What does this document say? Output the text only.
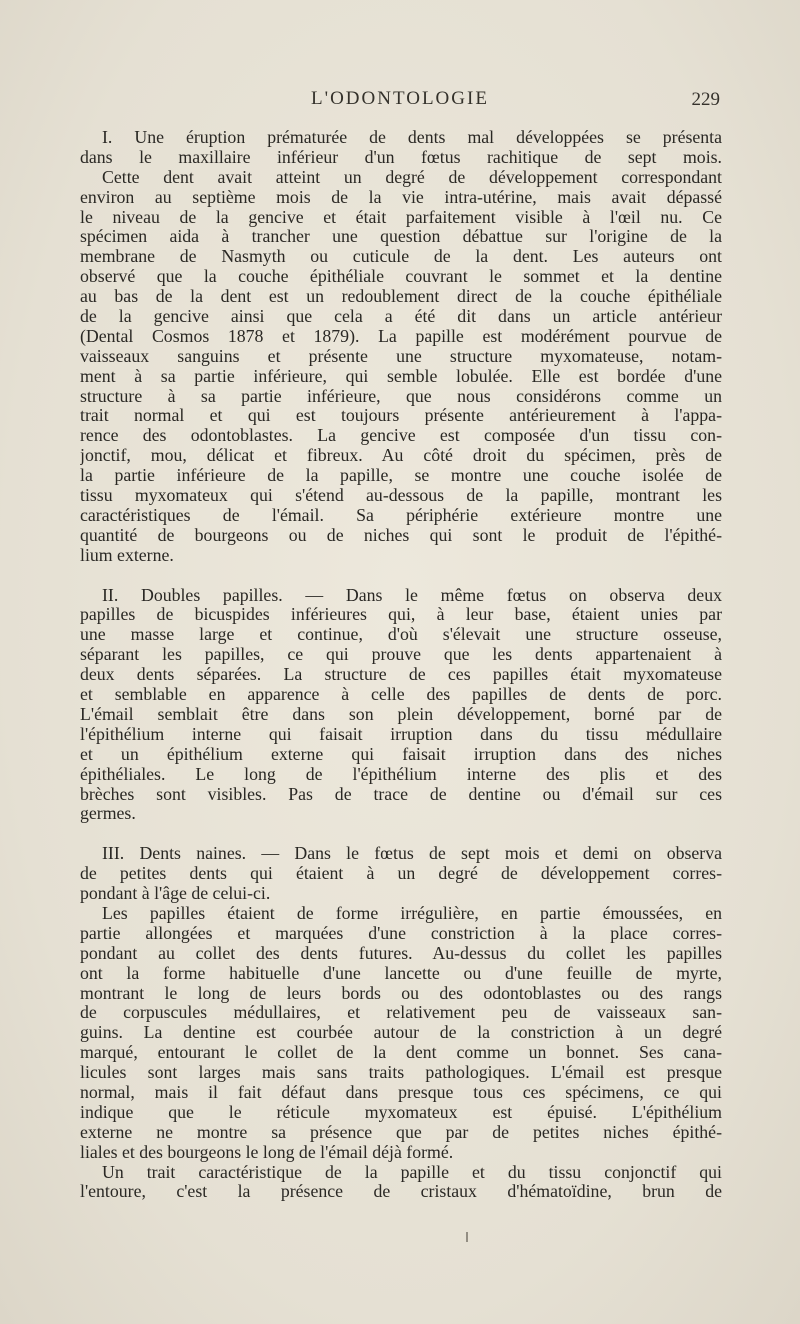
L'ODONTOLOGIE	229
I. Une éruption prématurée de dents mal développées se présenta
dans le maxillaire inférieur d'un fœtus rachitique de sept mois.
Cette dent avait atteint un degré de développement correspondant
environ au septième mois de la vie intra-utérine, mais avait dépassé
le niveau de la gencive et était parfaitement visible à l'œil nu. Ce
spécimen aida à trancher une question débattue sur l'origine de la
membrane de Nasmyth ou cuticule de la dent. Les auteurs ont
observé que la couche épithéliale couvrant le sommet et la dentine
au bas de la dent est un redoublement direct de la couche épithéliale
de la gencive ainsi que cela a été dit dans un article antérieur
(Dental Cosmos 1878 et 1879). La papille est modérément pourvue de
vaisseaux sanguins et présente une structure myxomateuse, notam-
ment à sa partie inférieure, qui semble lobulée. Elle est bordée d'une
structure à sa partie inférieure, que nous considérons comme un
trait normal et qui est toujours présente antérieurement à l'appa-
rence des odontoblastes. La gencive est composée d'un tissu con-
jonctif, mou, délicat et fibreux. Au côté droit du spécimen, près de
la partie inférieure de la papille, se montre une couche isolée de
tissu myxomateux qui s'étend au-dessous de la papille, montrant les
caractéristiques de l'émail. Sa périphérie extérieure montre une
quantité de bourgeons ou de niches qui sont le produit de l'épithé-
lium externe.
II. Doubles papilles. — Dans le même fœtus on observa deux
papilles de bicuspides inférieures qui, à leur base, étaient unies par
une masse large et continue, d'où s'élevait une structure osseuse,
séparant les papilles, ce qui prouve que les dents appartenaient à
deux dents séparées. La structure de ces papilles était myxomateuse
et semblable en apparence à celle des papilles de dents de porc.
L'émail semblait être dans son plein développement, borné par de
l'épithélium interne qui faisait irruption dans du tissu médullaire
et un épithélium externe qui faisait irruption dans des niches
épithéliales. Le long de l'épithélium interne des plis et des
brèches sont visibles. Pas de trace de dentine ou d'émail sur ces
germes.
III. Dents naines. — Dans le fœtus de sept mois et demi on observa
de petites dents qui étaient à un degré de développement corres-
pondant à l'âge de celui-ci.
Les papilles étaient de forme irrégulière, en partie émoussées, en
partie allongées et marquées d'une constriction à la place corres-
pondant au collet des dents futures. Au-dessus du collet les papilles
ont la forme habituelle d'une lancette ou d'une feuille de myrte,
montrant le long de leurs bords ou des odontoblastes ou des rangs
de corpuscules médullaires, et relativement peu de vaisseaux san-
guins. La dentine est courbée autour de la constriction à un degré
marqué, entourant le collet de la dent comme un bonnet. Ses cana-
licules sont larges mais sans traits pathologiques. L'émail est presque
normal, mais il fait défaut dans presque tous ces spécimens, ce qui
indique que le réticule myxomateux est épuisé. L'épithélium
externe ne montre sa présence que par de petites niches épithé-
liales et des bourgeons le long de l'émail déjà formé.
Un trait caractéristique de la papille et du tissu conjonctif qui
l'entoure, c'est la présence de cristaux d'hématoïdine, brun de
